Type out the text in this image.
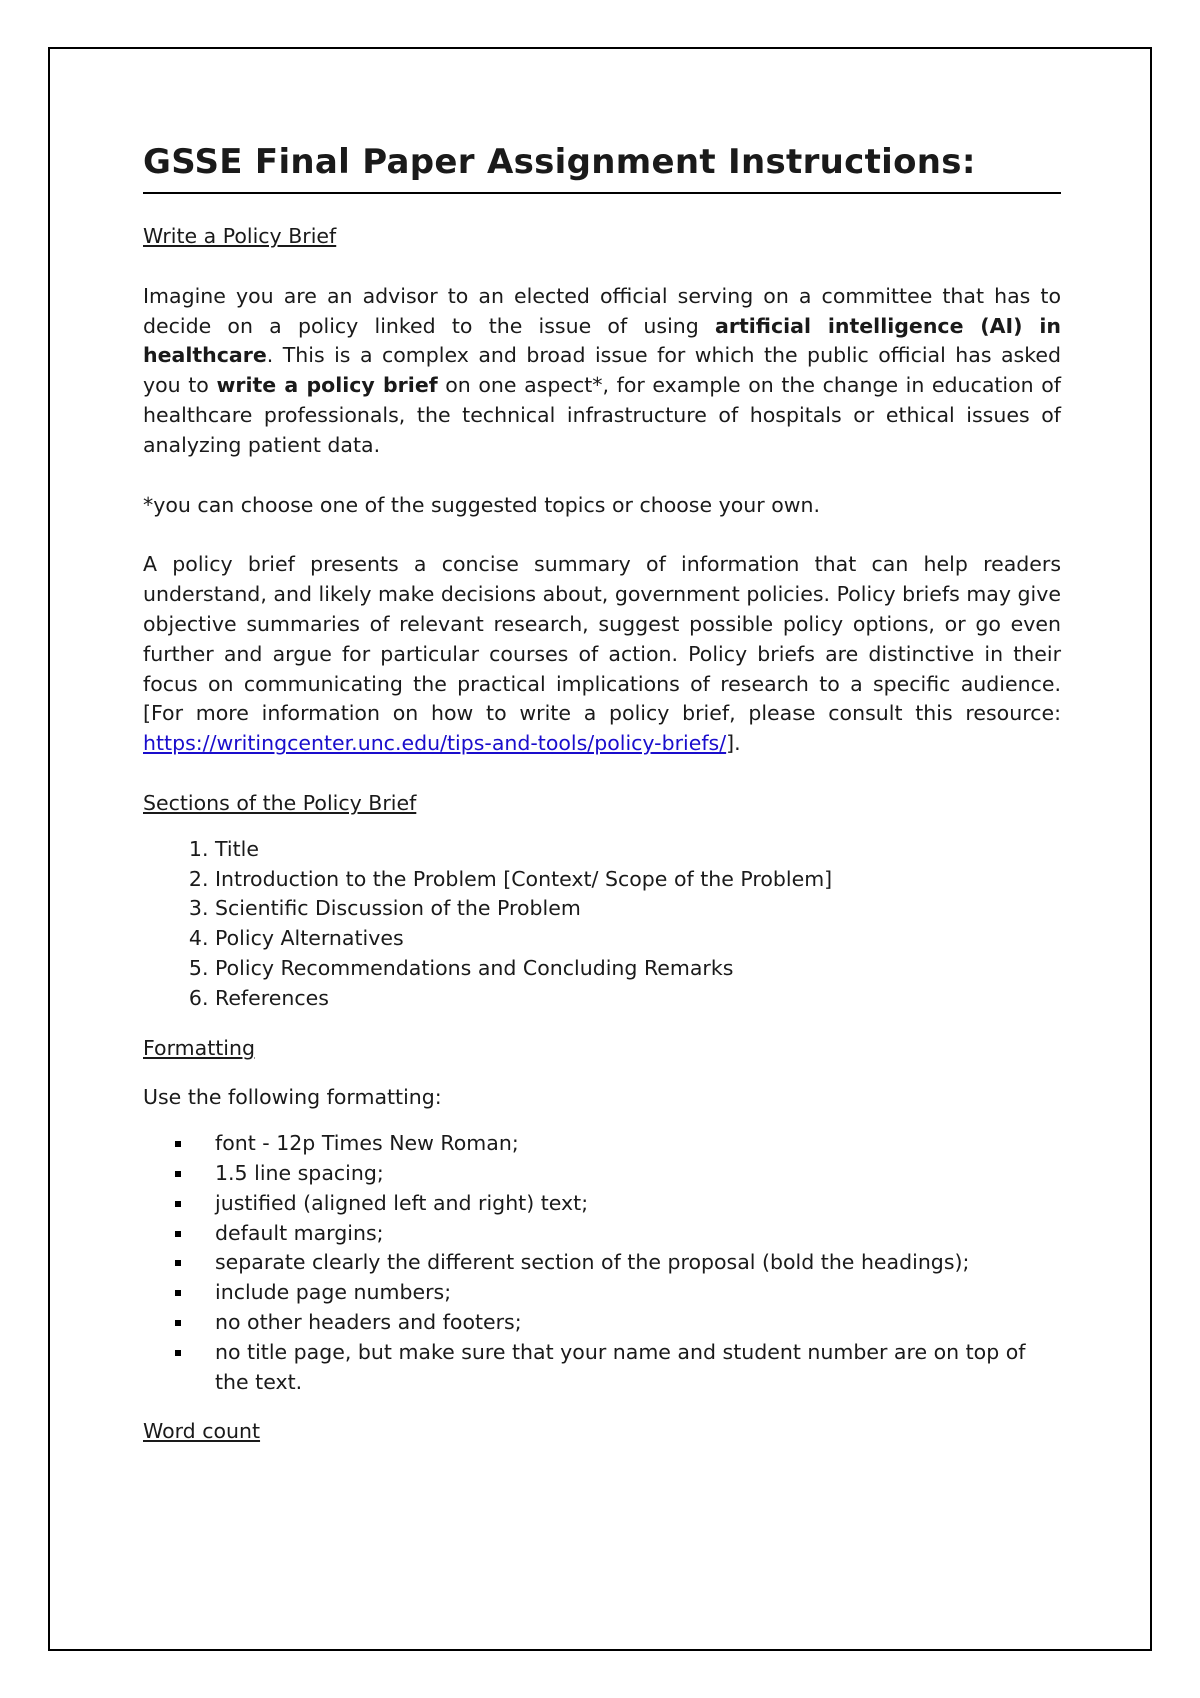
GSSE Final Paper Assignment Instructions:

Write a Policy Brief

Imagine you are an advisor to an elected official serving on a committee that has to decide on a policy linked to the issue of using artificial intelligence (AI) in healthcare. This is a complex and broad issue for which the public official has asked you to write a policy brief on one aspect*, for example on the change in education of healthcare professionals, the technical infrastructure of hospitals or ethical issues of analyzing patient data.

*you can choose one of the suggested topics or choose your own.

A policy brief presents a concise summary of information that can help readers understand, and likely make decisions about, government policies. Policy briefs may give objective summaries of relevant research, suggest possible policy options, or go even further and argue for particular courses of action. Policy briefs are distinctive in their focus on communicating the practical implications of research to a specific audience. [For more information on how to write a policy brief, please consult this resource: https://writingcenter.unc.edu/tips-and-tools/policy-briefs/].

Sections of the Policy Brief

1. Title
2. Introduction to the Problem [Context/ Scope of the Problem]
3. Scientific Discussion of the Problem
4. Policy Alternatives
5. Policy Recommendations and Concluding Remarks
6. References

Formatting

Use the following formatting:

font - 12p Times New Roman;
1.5 line spacing;
justified (aligned left and right) text;
default margins;
separate clearly the different section of the proposal (bold the headings);
include page numbers;
no other headers and footers;
no title page, but make sure that your name and student number are on top of the text.

Word count
